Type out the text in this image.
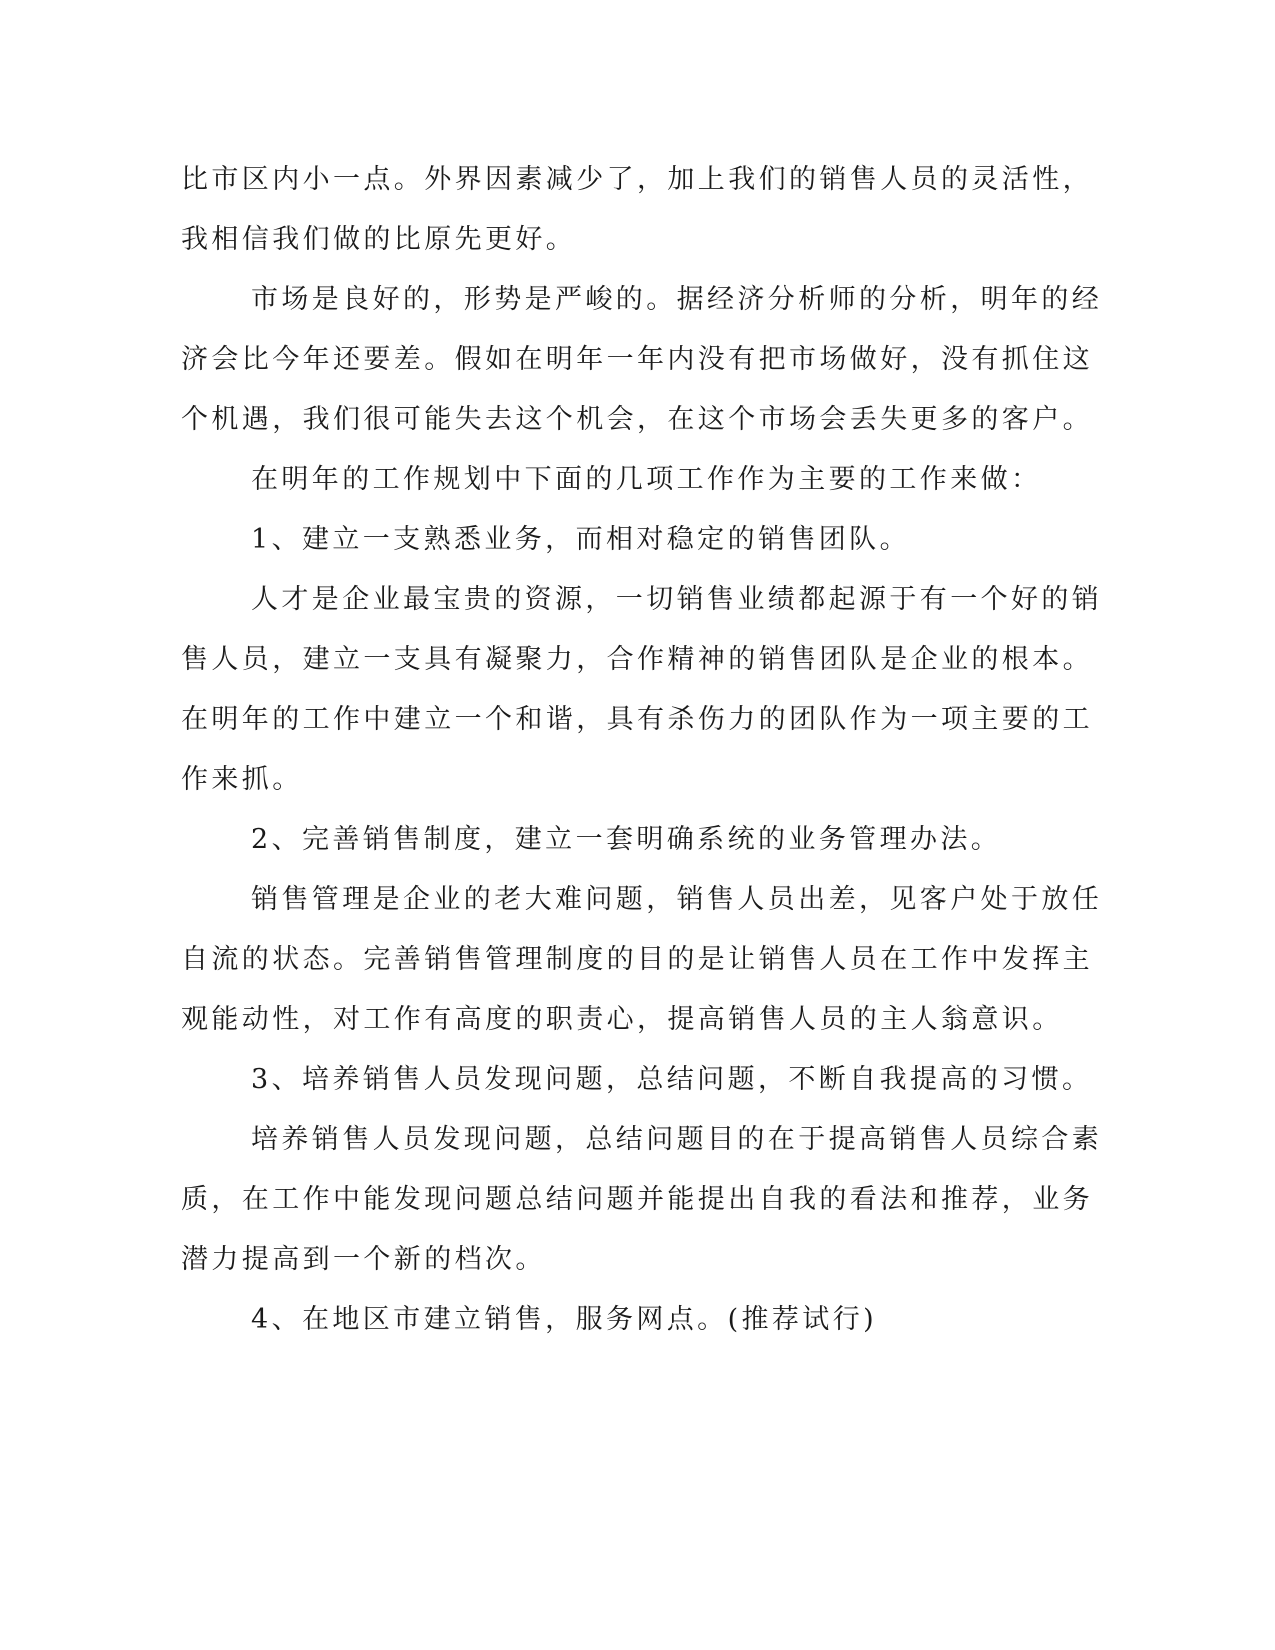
比市区内小一点。外界因素减少了，加上我们的销售人员的灵活性，
我相信我们做的比原先更好。
市场是良好的，形势是严峻的。据经济分析师的分析，明年的经
济会比今年还要差。假如在明年一年内没有把市场做好，没有抓住这
个机遇，我们很可能失去这个机会，在这个市场会丢失更多的客户。
在明年的工作规划中下面的几项工作作为主要的工作来做：
1、建立一支熟悉业务，而相对稳定的销售团队。
人才是企业最宝贵的资源，一切销售业绩都起源于有一个好的销
售人员，建立一支具有凝聚力，合作精神的销售团队是企业的根本。
在明年的工作中建立一个和谐，具有杀伤力的团队作为一项主要的工
作来抓。
2、完善销售制度，建立一套明确系统的业务管理办法。
销售管理是企业的老大难问题，销售人员出差，见客户处于放任
自流的状态。完善销售管理制度的目的是让销售人员在工作中发挥主
观能动性，对工作有高度的职责心，提高销售人员的主人翁意识。
3、培养销售人员发现问题，总结问题，不断自我提高的习惯。
培养销售人员发现问题，总结问题目的在于提高销售人员综合素
质，在工作中能发现问题总结问题并能提出自我的看法和推荐，业务
潜力提高到一个新的档次。
4、在地区市建立销售，服务网点。(推荐试行)
